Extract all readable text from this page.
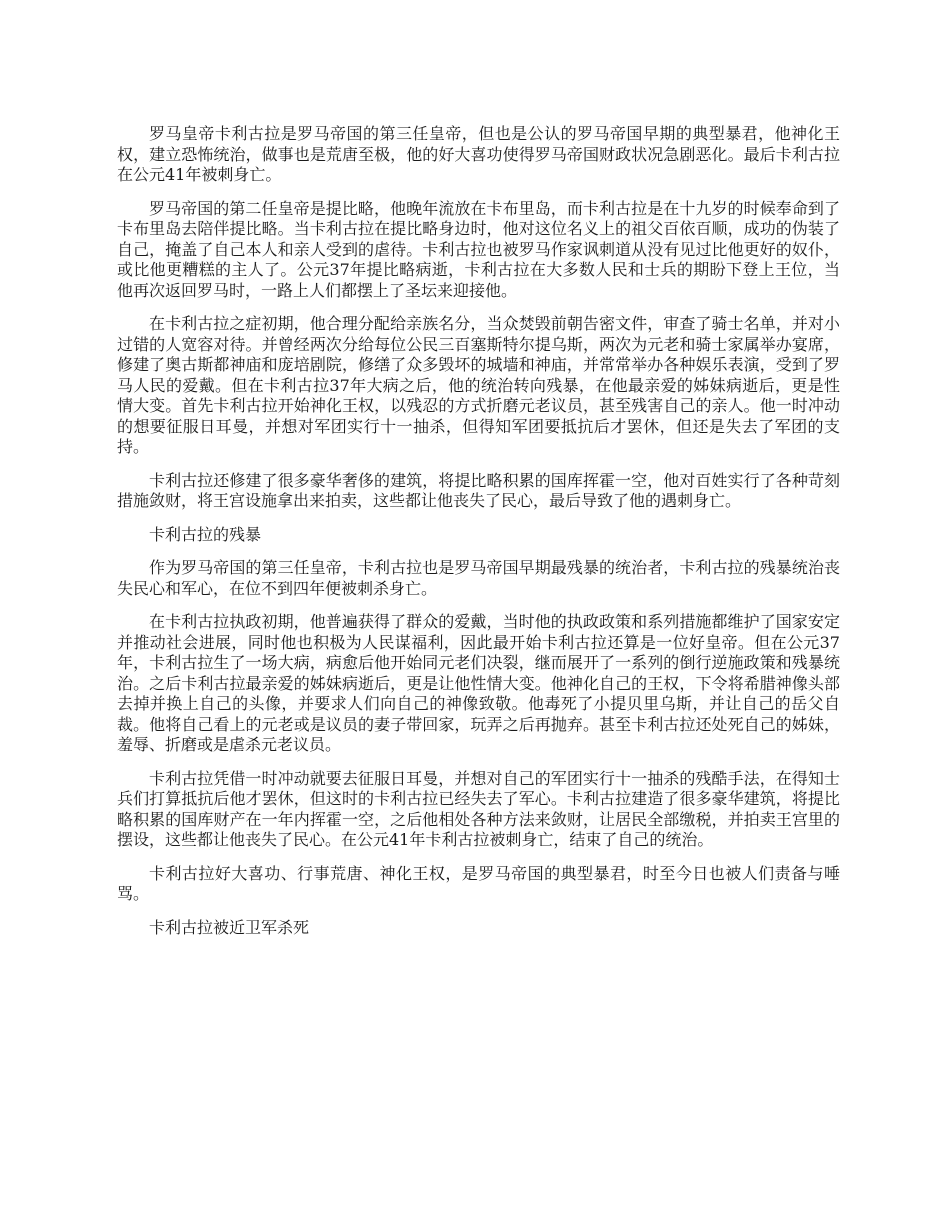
罗马皇帝卡利古拉是罗马帝国的第三任皇帝，但也是公认的罗马帝国早期的典型暴君，他神化王权，建立恐怖统治，做事也是荒唐至极，他的好大喜功使得罗马帝国财政状况急剧恶化。最后卡利古拉在公元41年被刺身亡。

罗马帝国的第二任皇帝是提比略，他晚年流放在卡布里岛，而卡利古拉是在十九岁的时候奉命到了卡布里岛去陪伴提比略。当卡利古拉在提比略身边时，他对这位名义上的祖父百依百顺，成功的伪装了自己，掩盖了自己本人和亲人受到的虐待。卡利古拉也被罗马作家讽刺道从没有见过比他更好的奴仆，或比他更糟糕的主人了。公元37年提比略病逝，卡利古拉在大多数人民和士兵的期盼下登上王位，当他再次返回罗马时，一路上人们都摆上了圣坛来迎接他。

在卡利古拉之症初期，他合理分配给亲族名分，当众焚毁前朝告密文件，审查了骑士名单，并对小过错的人宽容对待。并曾经两次分给每位公民三百塞斯特尔提乌斯，两次为元老和骑士家属举办宴席，修建了奥古斯都神庙和庞培剧院，修缮了众多毁坏的城墙和神庙，并常常举办各种娱乐表演，受到了罗马人民的爱戴。但在卡利古拉37年大病之后，他的统治转向残暴，在他最亲爱的姊妹病逝后，更是性情大变。首先卡利古拉开始神化王权，以残忍的方式折磨元老议员，甚至残害自己的亲人。他一时冲动的想要征服日耳曼，并想对军团实行十一抽杀，但得知军团要抵抗后才罢休，但还是失去了军团的支持。

卡利古拉还修建了很多豪华奢侈的建筑，将提比略积累的国库挥霍一空，他对百姓实行了各种苛刻措施敛财，将王宫设施拿出来拍卖，这些都让他丧失了民心，最后导致了他的遇刺身亡。

卡利古拉的残暴

作为罗马帝国的第三任皇帝，卡利古拉也是罗马帝国早期最残暴的统治者，卡利古拉的残暴统治丧失民心和军心，在位不到四年便被刺杀身亡。

在卡利古拉执政初期，他普遍获得了群众的爱戴，当时他的执政政策和系列措施都维护了国家安定并推动社会进展，同时他也积极为人民谋福利，因此最开始卡利古拉还算是一位好皇帝。但在公元37年，卡利古拉生了一场大病，病愈后他开始同元老们决裂，继而展开了一系列的倒行逆施政策和残暴统治。之后卡利古拉最亲爱的姊妹病逝后，更是让他性情大变。他神化自己的王权，下令将希腊神像头部去掉并换上自己的头像，并要求人们向自己的神像致敬。他毒死了小提贝里乌斯，并让自己的岳父自裁。他将自己看上的元老或是议员的妻子带回家，玩弄之后再抛弃。甚至卡利古拉还处死自己的姊妹，羞辱、折磨或是虐杀元老议员。

卡利古拉凭借一时冲动就要去征服日耳曼，并想对自己的军团实行十一抽杀的残酷手法，在得知士兵们打算抵抗后他才罢休，但这时的卡利古拉已经失去了军心。卡利古拉建造了很多豪华建筑，将提比略积累的国库财产在一年内挥霍一空，之后他相处各种方法来敛财，让居民全部缴税，并拍卖王宫里的摆设，这些都让他丧失了民心。在公元41年卡利古拉被刺身亡，结束了自己的统治。

卡利古拉好大喜功、行事荒唐、神化王权，是罗马帝国的典型暴君，时至今日也被人们责备与唾骂。

卡利古拉被近卫军杀死
